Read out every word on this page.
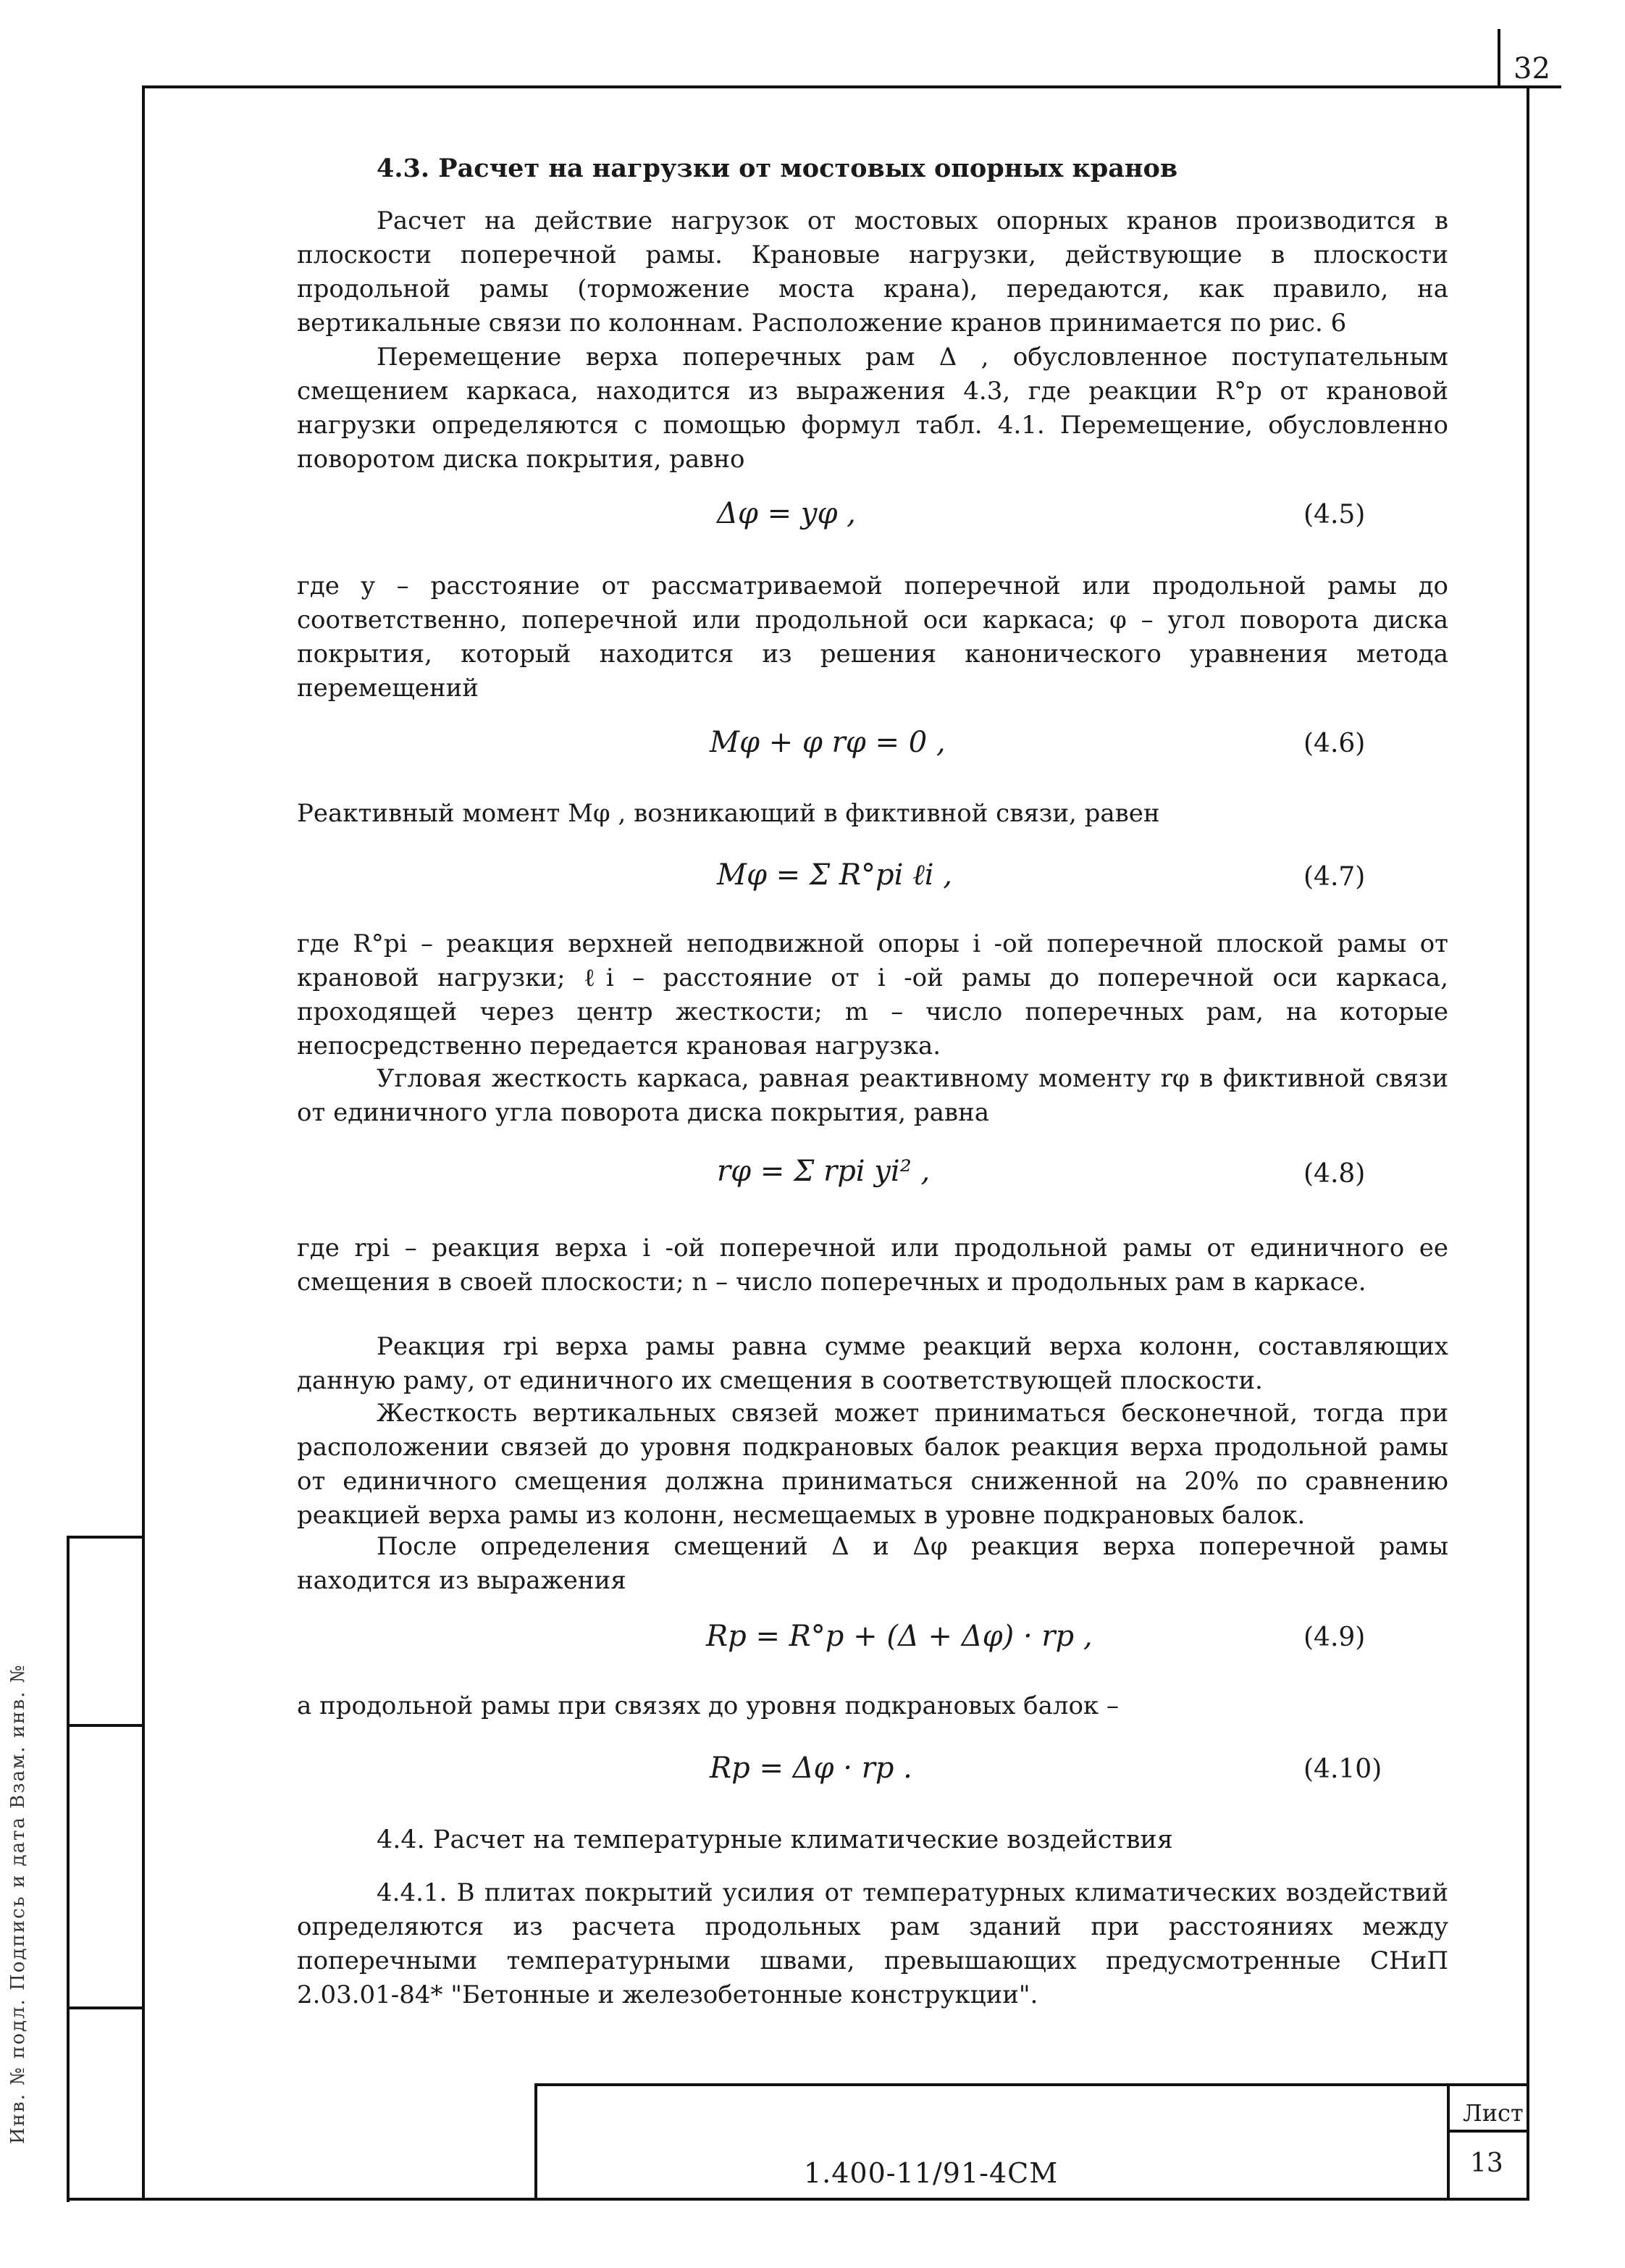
32
Инв. № подл. Подпись и дата Взам. инв. №
4.3. Расчет на нагрузки от мостовых опорных кранов
Расчет на действие нагрузок от мостовых опорных кранов производится в плоскости поперечной рамы. Крановые нагрузки, действующие в плоскости продольной рамы (торможение моста крана), передаются, как правило, на вертикальные связи по колоннам. Расположение кранов принимается по рис. 6
Перемещение верха поперечных рам Δ , обусловленное поступательным смещением каркаса, находится из выражения 4.3, где реакции R°p от крановой нагрузки определяются с помощью формул табл. 4.1. Перемещение, обусловленно поворотом диска покрытия, равно
Δφ = yφ ,	(4.5)
где y – расстояние от рассматриваемой поперечной или продольной рамы до соответственно, поперечной или продольной оси каркаса; φ – угол поворота диска покрытия, который находится из решения канонического уравнения метода перемещений
Mφ + φ rφ = 0 ,	(4.6)
Реактивный момент Mφ , возникающий в фиктивной связи, равен
Mφ = Σ R°pi ℓi ,	(4.7)
где R°pi – реакция верхней неподвижной опоры i -ой поперечной плоской рамы от крановой нагрузки; ℓi – расстояние от i -ой рамы до поперечной оси каркаса, проходящей через центр жесткости; m – число поперечных рам, на которые непосредственно передается крановая нагрузка.
Угловая жесткость каркаса, равная реактивному моменту rφ в фиктивной связи от единичного угла поворота диска покрытия, равна
rφ = Σ rpi yi² ,	(4.8)
где rpi – реакция верха i -ой поперечной или продольной рамы от единичного ее смещения в своей плоскости; n – число поперечных и продольных рам в каркасе.
Реакция rpi верха рамы равна сумме реакций верха колонн, составляющих данную раму, от единичного их смещения в соответствующей плоскости.
Жесткость вертикальных связей может приниматься бесконечной, тогда при расположении связей до уровня подкрановых балок реакция верха продольной рамы от единичного смещения должна приниматься сниженной на 20% по сравнению реакцией верха рамы из колонн, несмещаемых в уровне подкрановых балок.
После определения смещений Δ и Δφ реакция верха поперечной рамы находится из выражения
Rp = R°p + (Δ + Δφ) · rp ,	(4.9)
а продольной рамы при связях до уровня подкрановых балок –
Rp = Δφ · rp .	(4.10)
4.4. Расчет на температурные климатические воздействия
4.4.1. В плитах покрытий усилия от температурных климатических воздействий определяются из расчета продольных рам зданий при расстояниях между поперечными температурными швами, превышающих предусмотренные СНиП 2.03.01-84* "Бетонные и железобетонные конструкции".
1.400-11/91-4СМ
Лист
13
